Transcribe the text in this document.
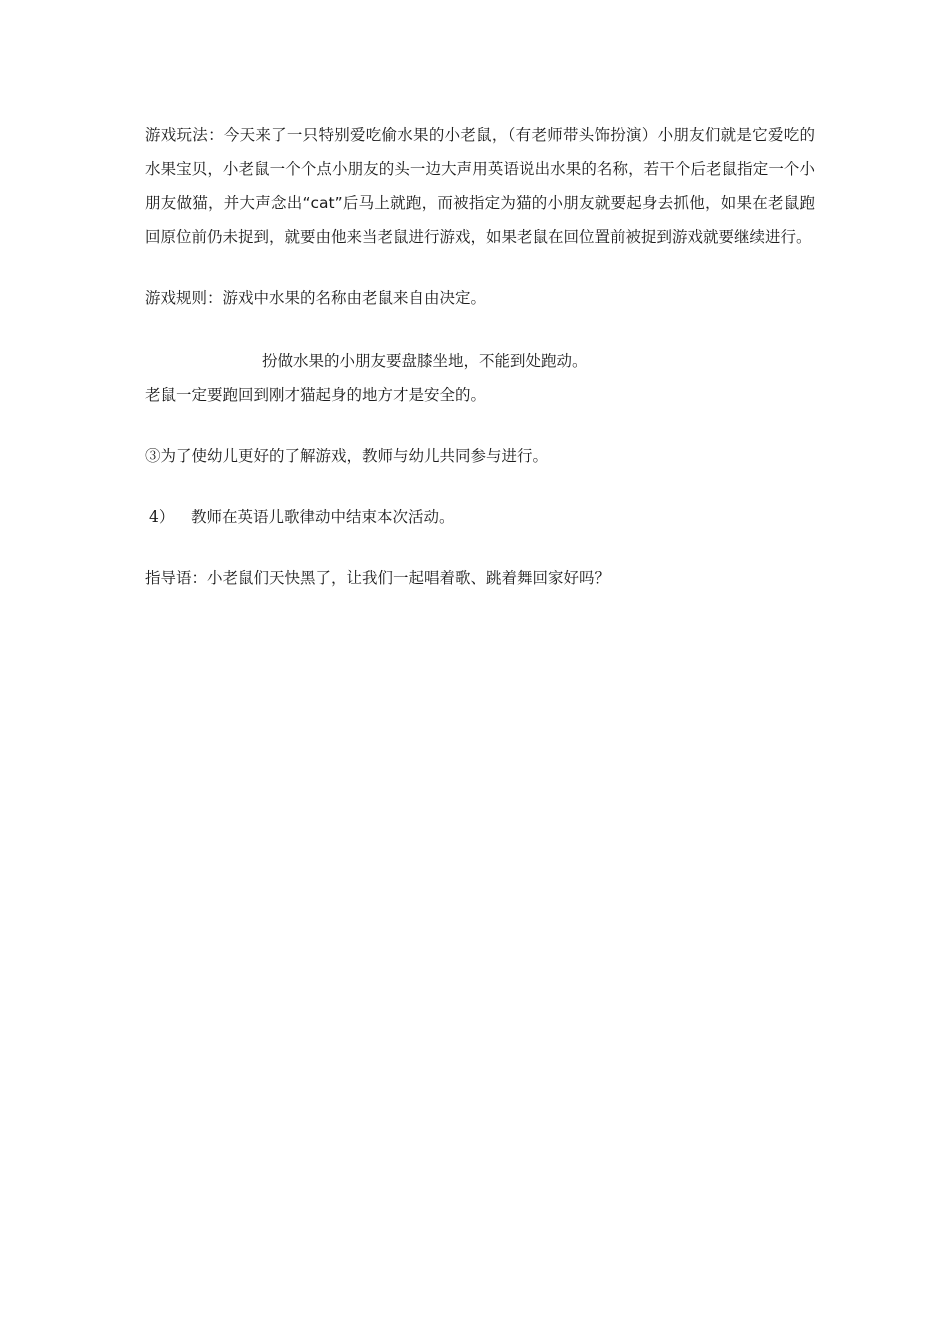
游戏玩法：今天来了一只特别爱吃偷水果的小老鼠，（有老师带头饰扮演）小朋友们就是它爱吃的水果宝贝，小老鼠一个个点小朋友的头一边大声用英语说出水果的名称，若干个后老鼠指定一个小朋友做猫，并大声念出“cat”后马上就跑，而被指定为猫的小朋友就要起身去抓他，如果在老鼠跑回原位前仍未捉到，就要由他来当老鼠进行游戏，如果老鼠在回位置前被捉到游戏就要继续进行。

游戏规则：游戏中水果的名称由老鼠来自由决定。

扮做水果的小朋友要盘膝坐地，不能到处跑动。

老鼠一定要跑回到刚才猫起身的地方才是安全的。

③为了使幼儿更好的了解游戏，教师与幼儿共同参与进行。

4） 教师在英语儿歌律动中结束本次活动。

指导语：小老鼠们天快黑了，让我们一起唱着歌、跳着舞回家好吗？
